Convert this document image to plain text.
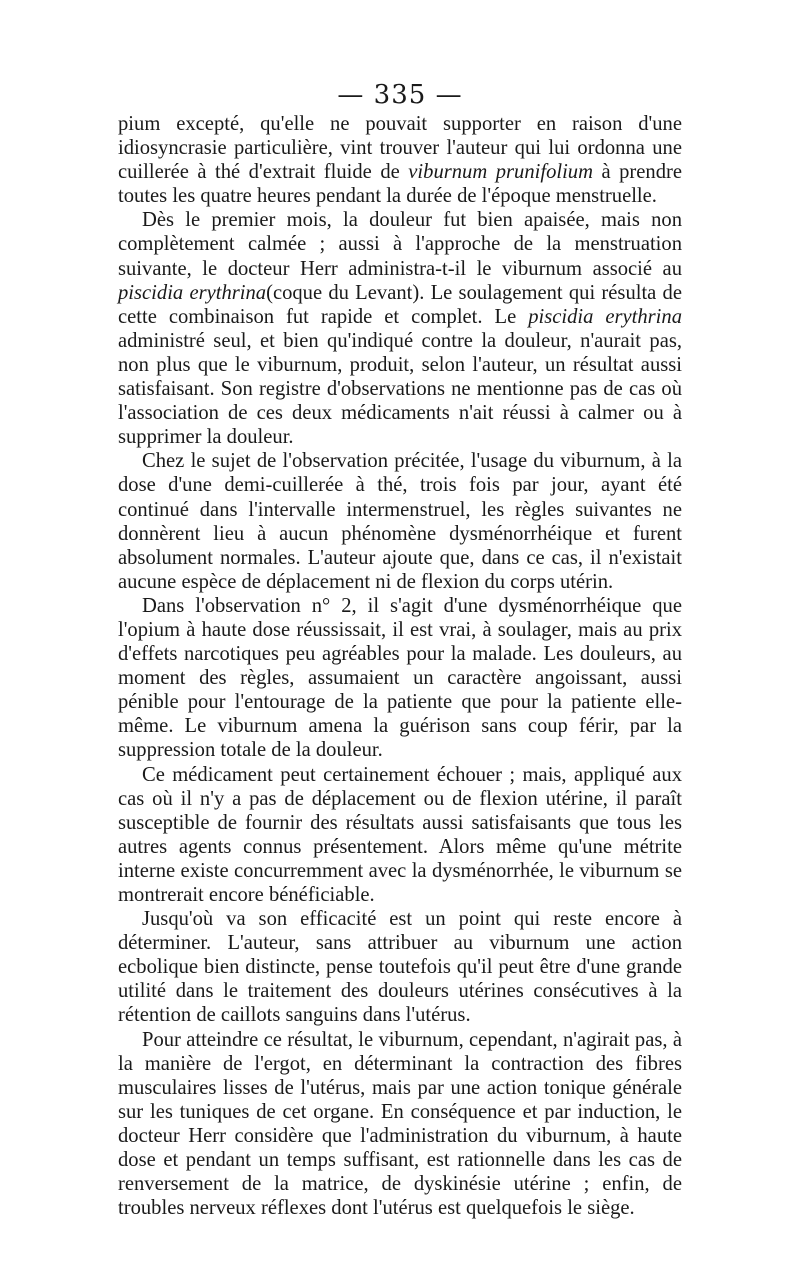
— 335 —

pium excepté, qu'elle ne pouvait supporter en raison d'une idiosyncrasie particulière, vint trouver l'auteur qui lui ordonna une cuillerée à thé d'extrait fluide de viburnum prunifolium à prendre toutes les quatre heures pendant la durée de l'époque menstruelle.

Dès le premier mois, la douleur fut bien apaisée, mais non complètement calmée ; aussi à l'approche de la menstruation suivante, le docteur Herr administra-t-il le viburnum associé au piscidia erythrina(coque du Levant). Le soulagement qui résulta de cette combinaison fut rapide et complet. Le piscidia erythrina administré seul, et bien qu'indiqué contre la douleur, n'aurait pas, non plus que le viburnum, produit, selon l'auteur, un résultat aussi satisfaisant. Son registre d'observations ne mentionne pas de cas où l'association de ces deux médicaments n'ait réussi à calmer ou à supprimer la douleur.

Chez le sujet de l'observation précitée, l'usage du viburnum, à la dose d'une demi-cuillerée à thé, trois fois par jour, ayant été continué dans l'intervalle intermenstruel, les règles suivantes ne donnèrent lieu à aucun phénomène dysménorrhéique et furent absolument normales. L'auteur ajoute que, dans ce cas, il n'existait aucune espèce de déplacement ni de flexion du corps utérin.

Dans l'observation n° 2, il s'agit d'une dysménorrhéique que l'opium à haute dose réussissait, il est vrai, à soulager, mais au prix d'effets narcotiques peu agréables pour la malade. Les douleurs, au moment des règles, assumaient un caractère angoissant, aussi pénible pour l'entourage de la patiente que pour la patiente elle-même. Le viburnum amena la guérison sans coup férir, par la suppression totale de la douleur.

Ce médicament peut certainement échouer ; mais, appliqué aux cas où il n'y a pas de déplacement ou de flexion utérine, il paraît susceptible de fournir des résultats aussi satisfaisants que tous les autres agents connus présentement. Alors même qu'une métrite interne existe concurremment avec la dysménorrhée, le viburnum se montrerait encore bénéficiable.

Jusqu'où va son efficacité est un point qui reste encore à déterminer. L'auteur, sans attribuer au viburnum une action ecbolique bien distincte, pense toutefois qu'il peut être d'une grande utilité dans le traitement des douleurs utérines consécutives à la rétention de caillots sanguins dans l'utérus.

Pour atteindre ce résultat, le viburnum, cependant, n'agirait pas, à la manière de l'ergot, en déterminant la contraction des fibres musculaires lisses de l'utérus, mais par une action tonique générale sur les tuniques de cet organe. En conséquence et par induction, le docteur Herr considère que l'administration du viburnum, à haute dose et pendant un temps suffisant, est rationnelle dans les cas de renversement de la matrice, de dyskinésie utérine ; enfin, de troubles nerveux réflexes dont l'utérus est quelquefois le siège.
